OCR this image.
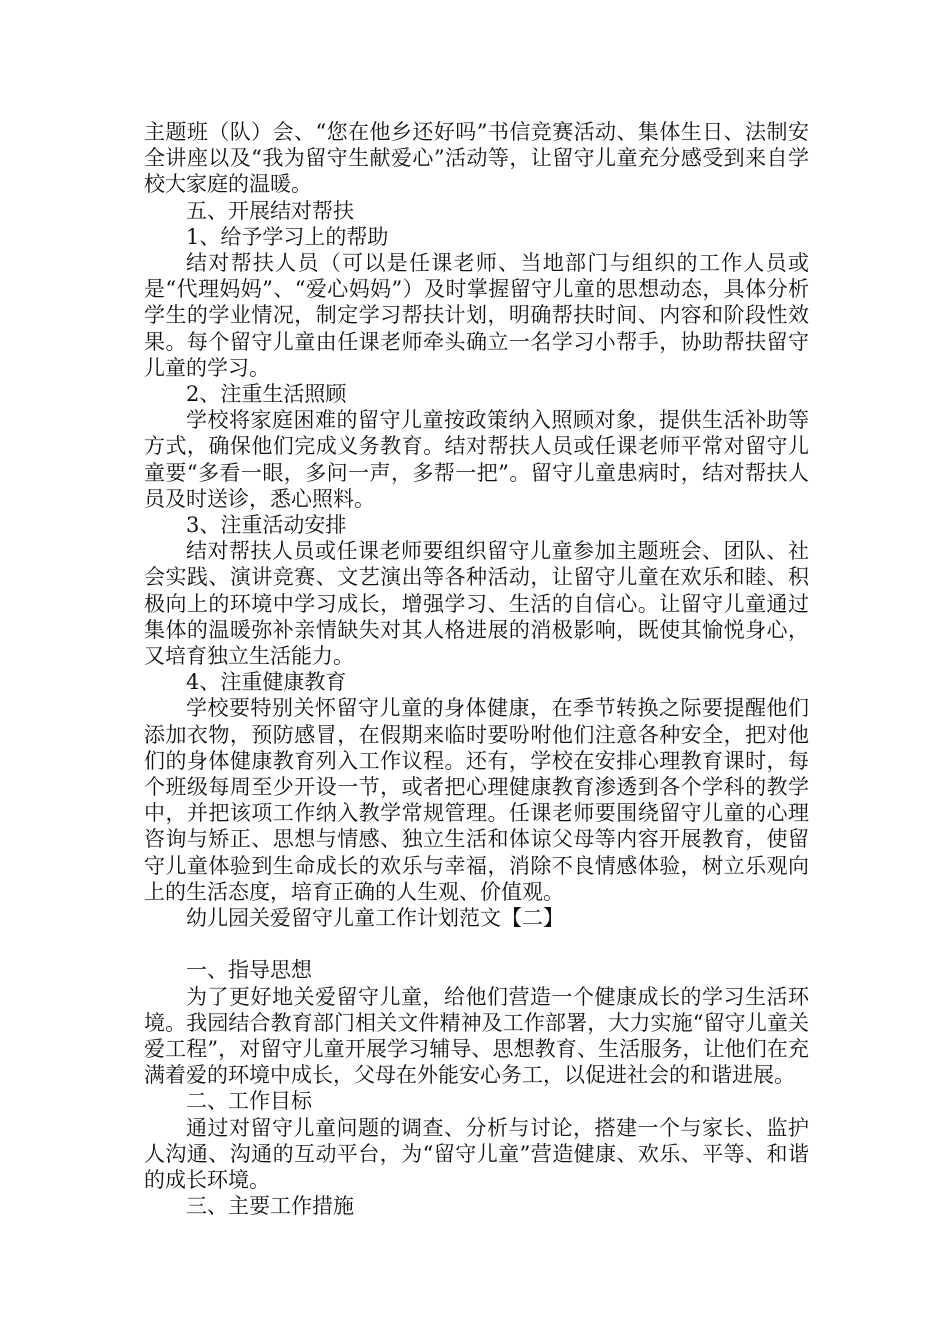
主题班（队）会、“您在他乡还好吗”书信竞赛活动、集体生日、法制安全讲座以及“我为留守生献爱心”活动等，让留守儿童充分感受到来自学校大家庭的温暖。

五、开展结对帮扶

1、给予学习上的帮助

结对帮扶人员（可以是任课老师、当地部门与组织的工作人员或是“代理妈妈”、“爱心妈妈”）及时掌握留守儿童的思想动态，具体分析学生的学业情况，制定学习帮扶计划，明确帮扶时间、内容和阶段性效果。每个留守儿童由任课老师牵头确立一名学习小帮手，协助帮扶留守儿童的学习。

2、注重生活照顾

学校将家庭困难的留守儿童按政策纳入照顾对象，提供生活补助等方式，确保他们完成义务教育。结对帮扶人员或任课老师平常对留守儿童要“多看一眼，多问一声，多帮一把”。留守儿童患病时，结对帮扶人员及时送诊，悉心照料。

3、注重活动安排

结对帮扶人员或任课老师要组织留守儿童参加主题班会、团队、社会实践、演讲竞赛、文艺演出等各种活动，让留守儿童在欢乐和睦、积极向上的环境中学习成长，增强学习、生活的自信心。让留守儿童通过集体的温暖弥补亲情缺失对其人格进展的消极影响，既使其愉悦身心，又培育独立生活能力。

4、注重健康教育

学校要特别关怀留守儿童的身体健康，在季节转换之际要提醒他们添加衣物，预防感冒，在假期来临时要吩咐他们注意各种安全，把对他们的身体健康教育列入工作议程。还有，学校在安排心理教育课时，每个班级每周至少开设一节，或者把心理健康教育渗透到各个学科的教学中，并把该项工作纳入教学常规管理。任课老师要围绕留守儿童的心理咨询与矫正、思想与情感、独立生活和体谅父母等内容开展教育，使留守儿童体验到生命成长的欢乐与幸福，消除不良情感体验，树立乐观向上的生活态度，培育正确的人生观、价值观。

幼儿园关爱留守儿童工作计划范文【二】

一、指导思想

为了更好地关爱留守儿童，给他们营造一个健康成长的学习生活环境。我园结合教育部门相关文件精神及工作部署，大力实施“留守儿童关爱工程”，对留守儿童开展学习辅导、思想教育、生活服务，让他们在充满着爱的环境中成长，父母在外能安心务工，以促进社会的和谐进展。

二、工作目标

通过对留守儿童问题的调查、分析与讨论，搭建一个与家长、监护人沟通、沟通的互动平台，为“留守儿童”营造健康、欢乐、平等、和谐的成长环境。

三、主要工作措施
